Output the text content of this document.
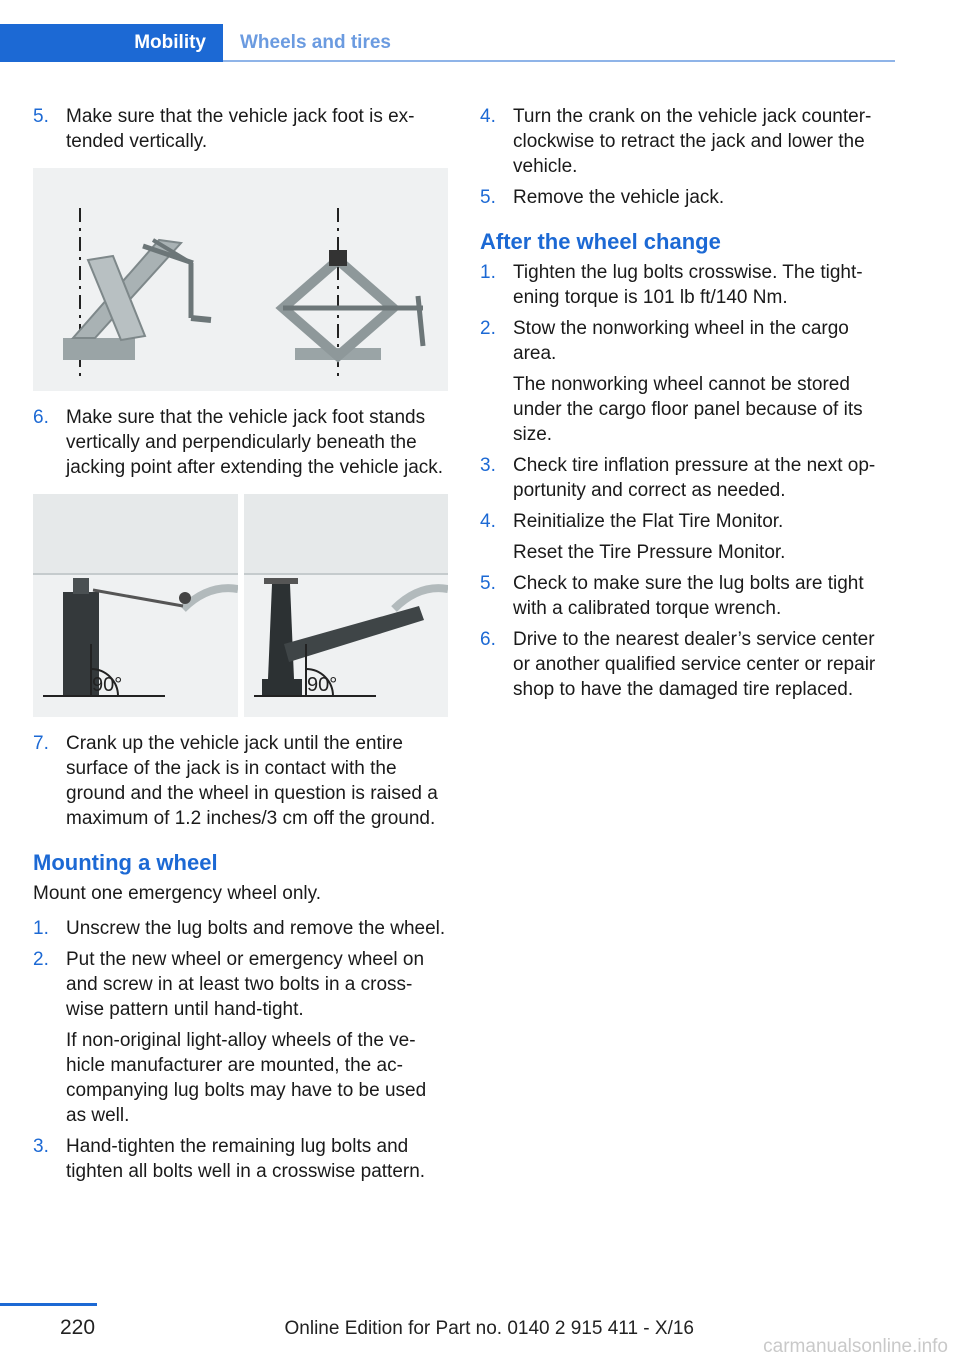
Mobility	Wheels and tires
5. Make sure that the vehicle jack foot is ex‐tended vertically.

6. Make sure that the vehicle jack foot stands vertically and perpendicularly beneath the jacking point after extending the vehicle jack.

90°	90°
7. Crank up the vehicle jack until the entire surface of the jack is in contact with the ground and the wheel in question is raised a maximum of 1.2 inches/3 cm off the ground.

Mounting a wheel

Mount one emergency wheel only.

1. Unscrew the lug bolts and remove the wheel.

2. Put the new wheel or emergency wheel on and screw in at least two bolts in a cross‐wise pattern until hand-tight.

If non-original light-alloy wheels of the ve‐hicle manufacturer are mounted, the ac‐companying lug bolts may have to be used as well.

3. Hand-tighten the remaining lug bolts and tighten all bolts well in a crosswise pattern.

4. Turn the crank on the vehicle jack counter‐clockwise to retract the jack and lower the vehicle.

5. Remove the vehicle jack.

After the wheel change
1. Tighten the lug bolts crosswise. The tight‐ening torque is 101 lb ft/140 Nm.

2. Stow the nonworking wheel in the cargo area.

The nonworking wheel cannot be stored under the cargo floor panel because of its size.

3. Check tire inflation pressure at the next op‐portunity and correct as needed.

4. Reinitialize the Flat Tire Monitor.

Reset the Tire Pressure Monitor.

5. Check to make sure the lug bolts are tight with a calibrated torque wrench.

6. Drive to the nearest dealer’s service center or another qualified service center or repair shop to have the damaged tire replaced.

220	Online Edition for Part no. 0140 2 915 411 - X/16
carmanualsonline.info
